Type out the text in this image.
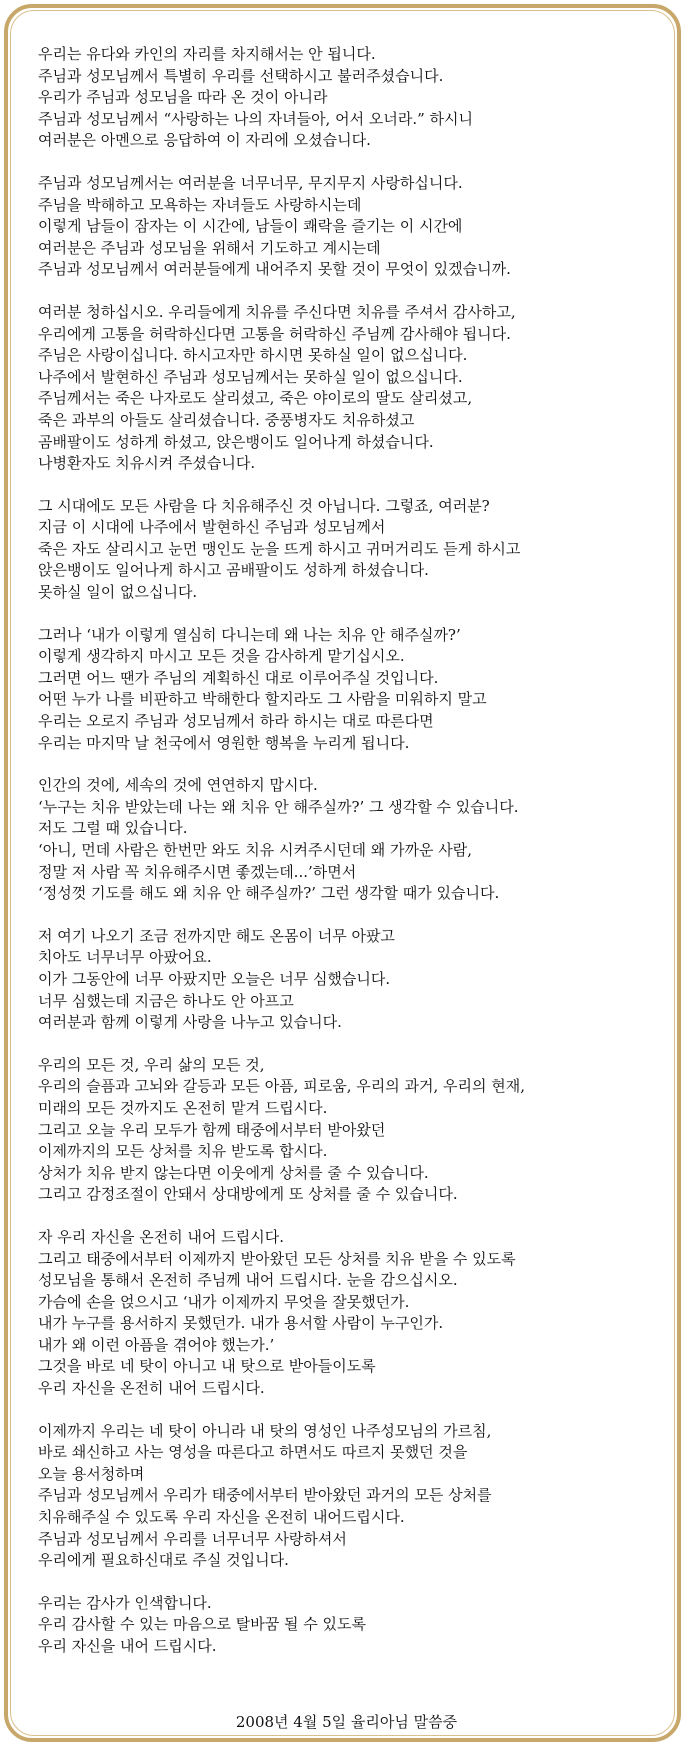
우리는 유다와 카인의 자리를 차지해서는 안 됩니다.
주님과 성모님께서 특별히 우리를 선택하시고 불러주셨습니다.
우리가 주님과 성모님을 따라 온 것이 아니라
주님과 성모님께서 “사랑하는 나의 자녀들아, 어서 오너라.” 하시니
여러분은 아멘으로 응답하여 이 자리에 오셨습니다.
주님과 성모님께서는 여러분을 너무너무, 무지무지 사랑하십니다.
주님을 박해하고 모욕하는 자녀들도 사랑하시는데
이렇게 남들이 잠자는 이 시간에, 남들이 쾌락을 즐기는 이 시간에
여러분은 주님과 성모님을 위해서 기도하고 계시는데
주님과 성모님께서 여러분들에게 내어주지 못할 것이 무엇이 있겠습니까.
여러분 청하십시오. 우리들에게 치유를 주신다면 치유를 주셔서 감사하고,
우리에게 고통을 허락하신다면 고통을 허락하신 주님께 감사해야 됩니다.
주님은 사랑이십니다. 하시고자만 하시면 못하실 일이 없으십니다.
나주에서 발현하신 주님과 성모님께서는 못하실 일이 없으십니다.
주님께서는 죽은 나자로도 살리셨고, 죽은 야이로의 딸도 살리셨고,
죽은 과부의 아들도 살리셨습니다. 중풍병자도 치유하셨고
곰배팔이도 성하게 하셨고, 앉은뱅이도 일어나게 하셨습니다.
나병환자도 치유시켜 주셨습니다.
그 시대에도 모든 사람을 다 치유해주신 것 아닙니다. 그렇죠, 여러분?
지금 이 시대에 나주에서 발현하신 주님과 성모님께서
죽은 자도 살리시고 눈먼 맹인도 눈을 뜨게 하시고 귀머거리도 듣게 하시고
앉은뱅이도 일어나게 하시고 곰배팔이도 성하게 하셨습니다.
못하실 일이 없으십니다.
그러나 ‘내가 이렇게 열심히 다니는데 왜 나는 치유 안 해주실까?’
이렇게 생각하지 마시고 모든 것을 감사하게 맡기십시오.
그러면 어느 땐가 주님의 계획하신 대로 이루어주실 것입니다.
어떤 누가 나를 비판하고 박해한다 할지라도 그 사람을 미워하지 말고
우리는 오로지 주님과 성모님께서 하라 하시는 대로 따른다면
우리는 마지막 날 천국에서 영원한 행복을 누리게 됩니다.
인간의 것에, 세속의 것에 연연하지 맙시다.
‘누구는 치유 받았는데 나는 왜 치유 안 해주실까?’ 그 생각할 수 있습니다.
저도 그럴 때 있습니다.
‘아니, 먼데 사람은 한번만 와도 치유 시켜주시던데 왜 가까운 사람,
정말 저 사람 꼭 치유해주시면 좋겠는데...’하면서
‘정성껏 기도를 해도 왜 치유 안 해주실까?’ 그런 생각할 때가 있습니다.
저 여기 나오기 조금 전까지만 해도 온몸이 너무 아팠고
치아도 너무너무 아팠어요.
이가 그동안에 너무 아팠지만 오늘은 너무 심했습니다.
너무 심했는데 지금은 하나도 안 아프고
여러분과 함께 이렇게 사랑을 나누고 있습니다.
우리의 모든 것, 우리 삶의 모든 것,
우리의 슬픔과 고뇌와 갈등과 모든 아픔, 피로움, 우리의 과거, 우리의 현재,
미래의 모든 것까지도 온전히 맡겨 드립시다.
그리고 오늘 우리 모두가 함께 태중에서부터 받아왔던
이제까지의 모든 상처를 치유 받도록 합시다.
상처가 치유 받지 않는다면 이웃에게 상처를 줄 수 있습니다.
그리고 감정조절이 안돼서 상대방에게 또 상처를 줄 수 있습니다.
자 우리 자신을 온전히 내어 드립시다.
그리고 태중에서부터 이제까지 받아왔던 모든 상처를 치유 받을 수 있도록
성모님을 통해서 온전히 주님께 내어 드립시다. 눈을 감으십시오.
가슴에 손을 얹으시고 ‘내가 이제까지 무엇을 잘못했던가.
내가 누구를 용서하지 못했던가. 내가 용서할 사람이 누구인가.
내가 왜 이런 아픔을 겪어야 했는가.’
그것을 바로 네 탓이 아니고 내 탓으로 받아들이도록
우리 자신을 온전히 내어 드립시다.
이제까지 우리는 네 탓이 아니라 내 탓의 영성인 나주성모님의 가르침,
바로 쇄신하고 사는 영성을 따른다고 하면서도 따르지 못했던 것을
오늘 용서청하며
주님과 성모님께서 우리가 태중에서부터 받아왔던 과거의 모든 상처를
치유해주실 수 있도록 우리 자신을 온전히 내어드립시다.
주님과 성모님께서 우리를 너무너무 사랑하셔서
우리에게 필요하신대로 주실 것입니다.
우리는 감사가 인색합니다.
우리 감사할 수 있는 마음으로 탈바꿈 될 수 있도록
우리 자신을 내어 드립시다.
2008년 4월 5일 율리아님 말씀중
